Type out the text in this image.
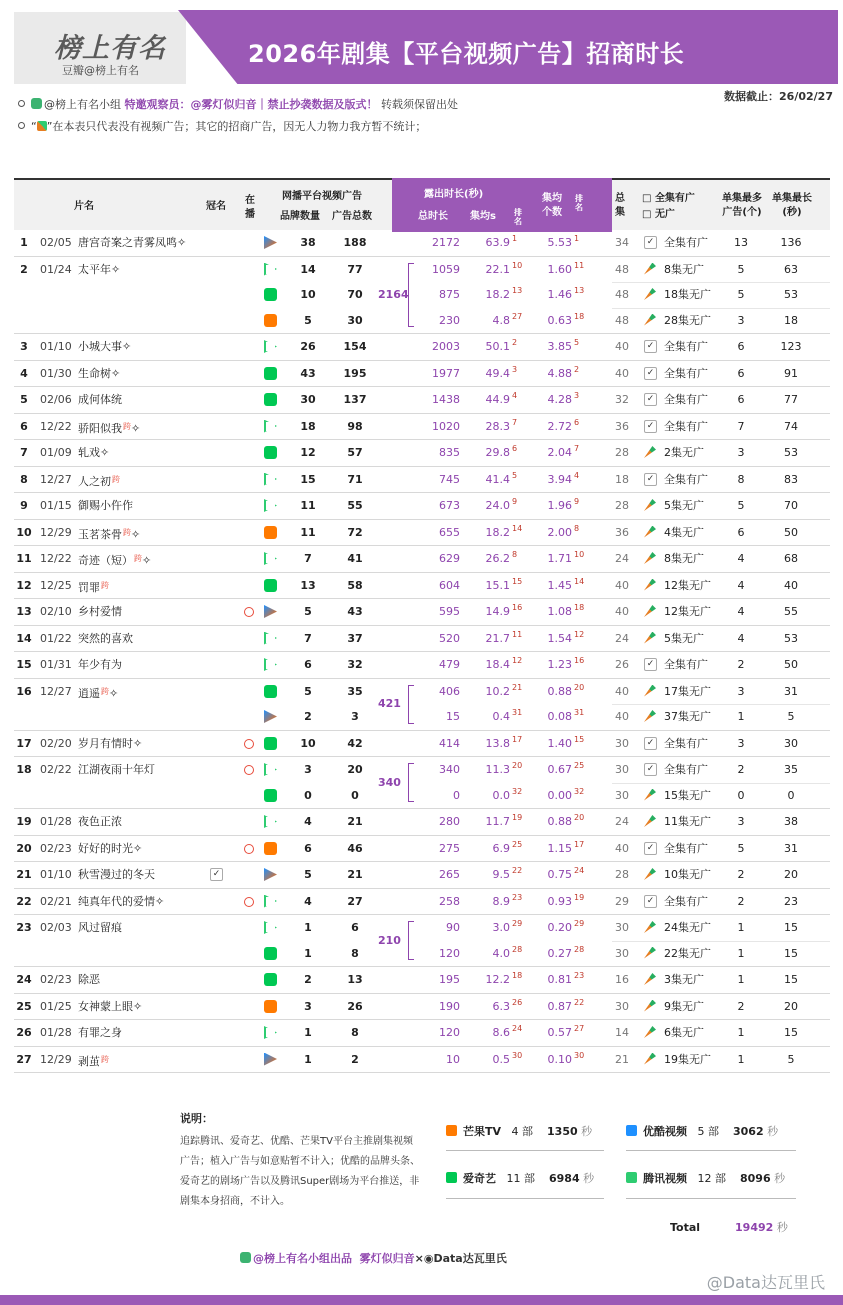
榜上有名
豆瓣@榜上有名
2026年剧集【平台视频广告】招商时长
数据截止：26/02/27
@榜上有名小组 特邀观察员：@雾灯似归音｜禁止抄袭数据及版式！ 转载须保留出处
“ ”在本表只代表没有视频广告；其它的招商广告，因无人力物力我方暂不统计；
片名	冠名
在播
网播平台视频广告
品牌数量 广告总数
露出时长(秒)
总时长 集均s 排名
集均个数
排名
总集
□ 全集有广
□ 无广
单集最多广告(个)
单集最长(秒)
1	02/05 唐宫奇案之青雾凤鸣✧	38	188	2172	63.9 1	5.53 1	34	✓ 全集有广	13	136
2	01/24 太平年✧	14	77	1059	22.1 10	1.60 11	48	8集无广	5	63
10	70	875	18.2 13	1.46 13	48	18集无广	5	53
5	30	230	4.8 27	0.63 18	48	28集无广	3	18
2164
3	01/10 小城大事✧	26	154	2003	50.1 2	3.85 5	40	✓ 全集有广	6	123
4	01/30 生命树✧	43	195	1977	49.4 3	4.88 2	40	✓ 全集有广	6	91
5	02/06 成何体统	30	137	1438	44.9 4	4.28 3	32	✓ 全集有广	6	77
6	12/22 骄阳似我$^跨$✧	18	98	1020	28.3 7	2.72 6	36	✓ 全集有广	7	74
7	01/09 轧戏✧	12	57	835	29.8 6	2.04 7	28	2集无广	3	53
8	12/27 人之初$^跨$	15	71	745	41.4 5	3.94 4	18	✓ 全集有广	8	83
9	01/15 御赐小仵作	11	55	673	24.0 9	1.96 9	28	5集无广	5	70
10 12/29 玉茗茶骨$^跨$✧	11	72	655	18.2 14	2.00 8	36	4集无广	6	50
11 12/22 奇迹（短）$^跨$✧	7	41	629	26.2 8	1.71 10	24	8集无广	4	68
12 12/25 罚罪$^跨$	13	58	604	15.1 15	1.45 14	40	12集无广	4	40
13 02/10 乡村爱情	5	43	595	14.9 16	1.08 18	40	12集无广	4	55
14 01/22 突然的喜欢	7	37	520	21.7 11	1.54 12	24	5集无广	4	53
15 01/31 年少有为	6	32	479	18.4 12	1.23 16	26	✓ 全集有广	2	50
16 12/27 逍遥$^跨$✧	5	35	406	10.2 21	0.88 20	40	17集无广	3	31
2	3	15	0.4 31	0.08 31	40	37集无广	1	5
421
17 02/20 岁月有情时✧	10	42	414	13.8 17	1.40 15	30	✓ 全集有广	3	30
18 02/22 江湖夜雨十年灯	3	20	340	11.3 20	0.67 25	30	✓ 全集有广	2	35
0	0	0	0.0 32	0.00 32	30	15集无广	0	0
340
19 01/28 夜色正浓	4	21	280	11.7 19	0.88 20	24	11集无广	3	38
20 02/23 好好的时光✧	6	46	275	6.9 25	1.15 17	40	✓ 全集有广	5	31
21 01/10 秋雪漫过的冬天	✓	5	21	265	9.5 22	0.75 24	28	10集无广	2	20
22 02/21 纯真年代的爱情✧	4	27	258	8.9 23	0.93 19	29	✓ 全集有广	2	23
23 02/03 风过留痕	1	6	90	3.0 29	0.20 29	30	24集无广	1	15
1	8	120	4.0 28	0.27 28	30	22集无广	1	15
210
24 02/23 除恶	2	13	195	12.2 18	0.81 23	16	3集无广	1	15
25 01/25 女神蒙上眼✧	3	26	190	6.3 26	0.87 22	30	9集无广	2	20
26 01/28 有罪之身	1	8	120	8.6 24	0.57 27	14	6集无广	1	15
27 12/29 剥茧$^跨$	1	2	10	0.5 30	0.10 30	21	19集无广	1	5
说明：
追踪腾讯、爱奇艺、优酷、芒果TV平台主推剧集视频广告；植入广告与如意贴暂不计入；优酷的品牌头条、爱奇艺的剧场广告以及腾讯Super剧场为平台推送，非剧集本身招商，不计入。
芒果TV 4 部 1350 秒	优酷视频 5 部 3062 秒
爱奇艺 11 部 6984 秒	腾讯视频 12 部 8096 秒
Total	19492 秒
@榜上有名小组出品 雾灯似归音×◉Data达瓦里氏
@Data达瓦里氏
